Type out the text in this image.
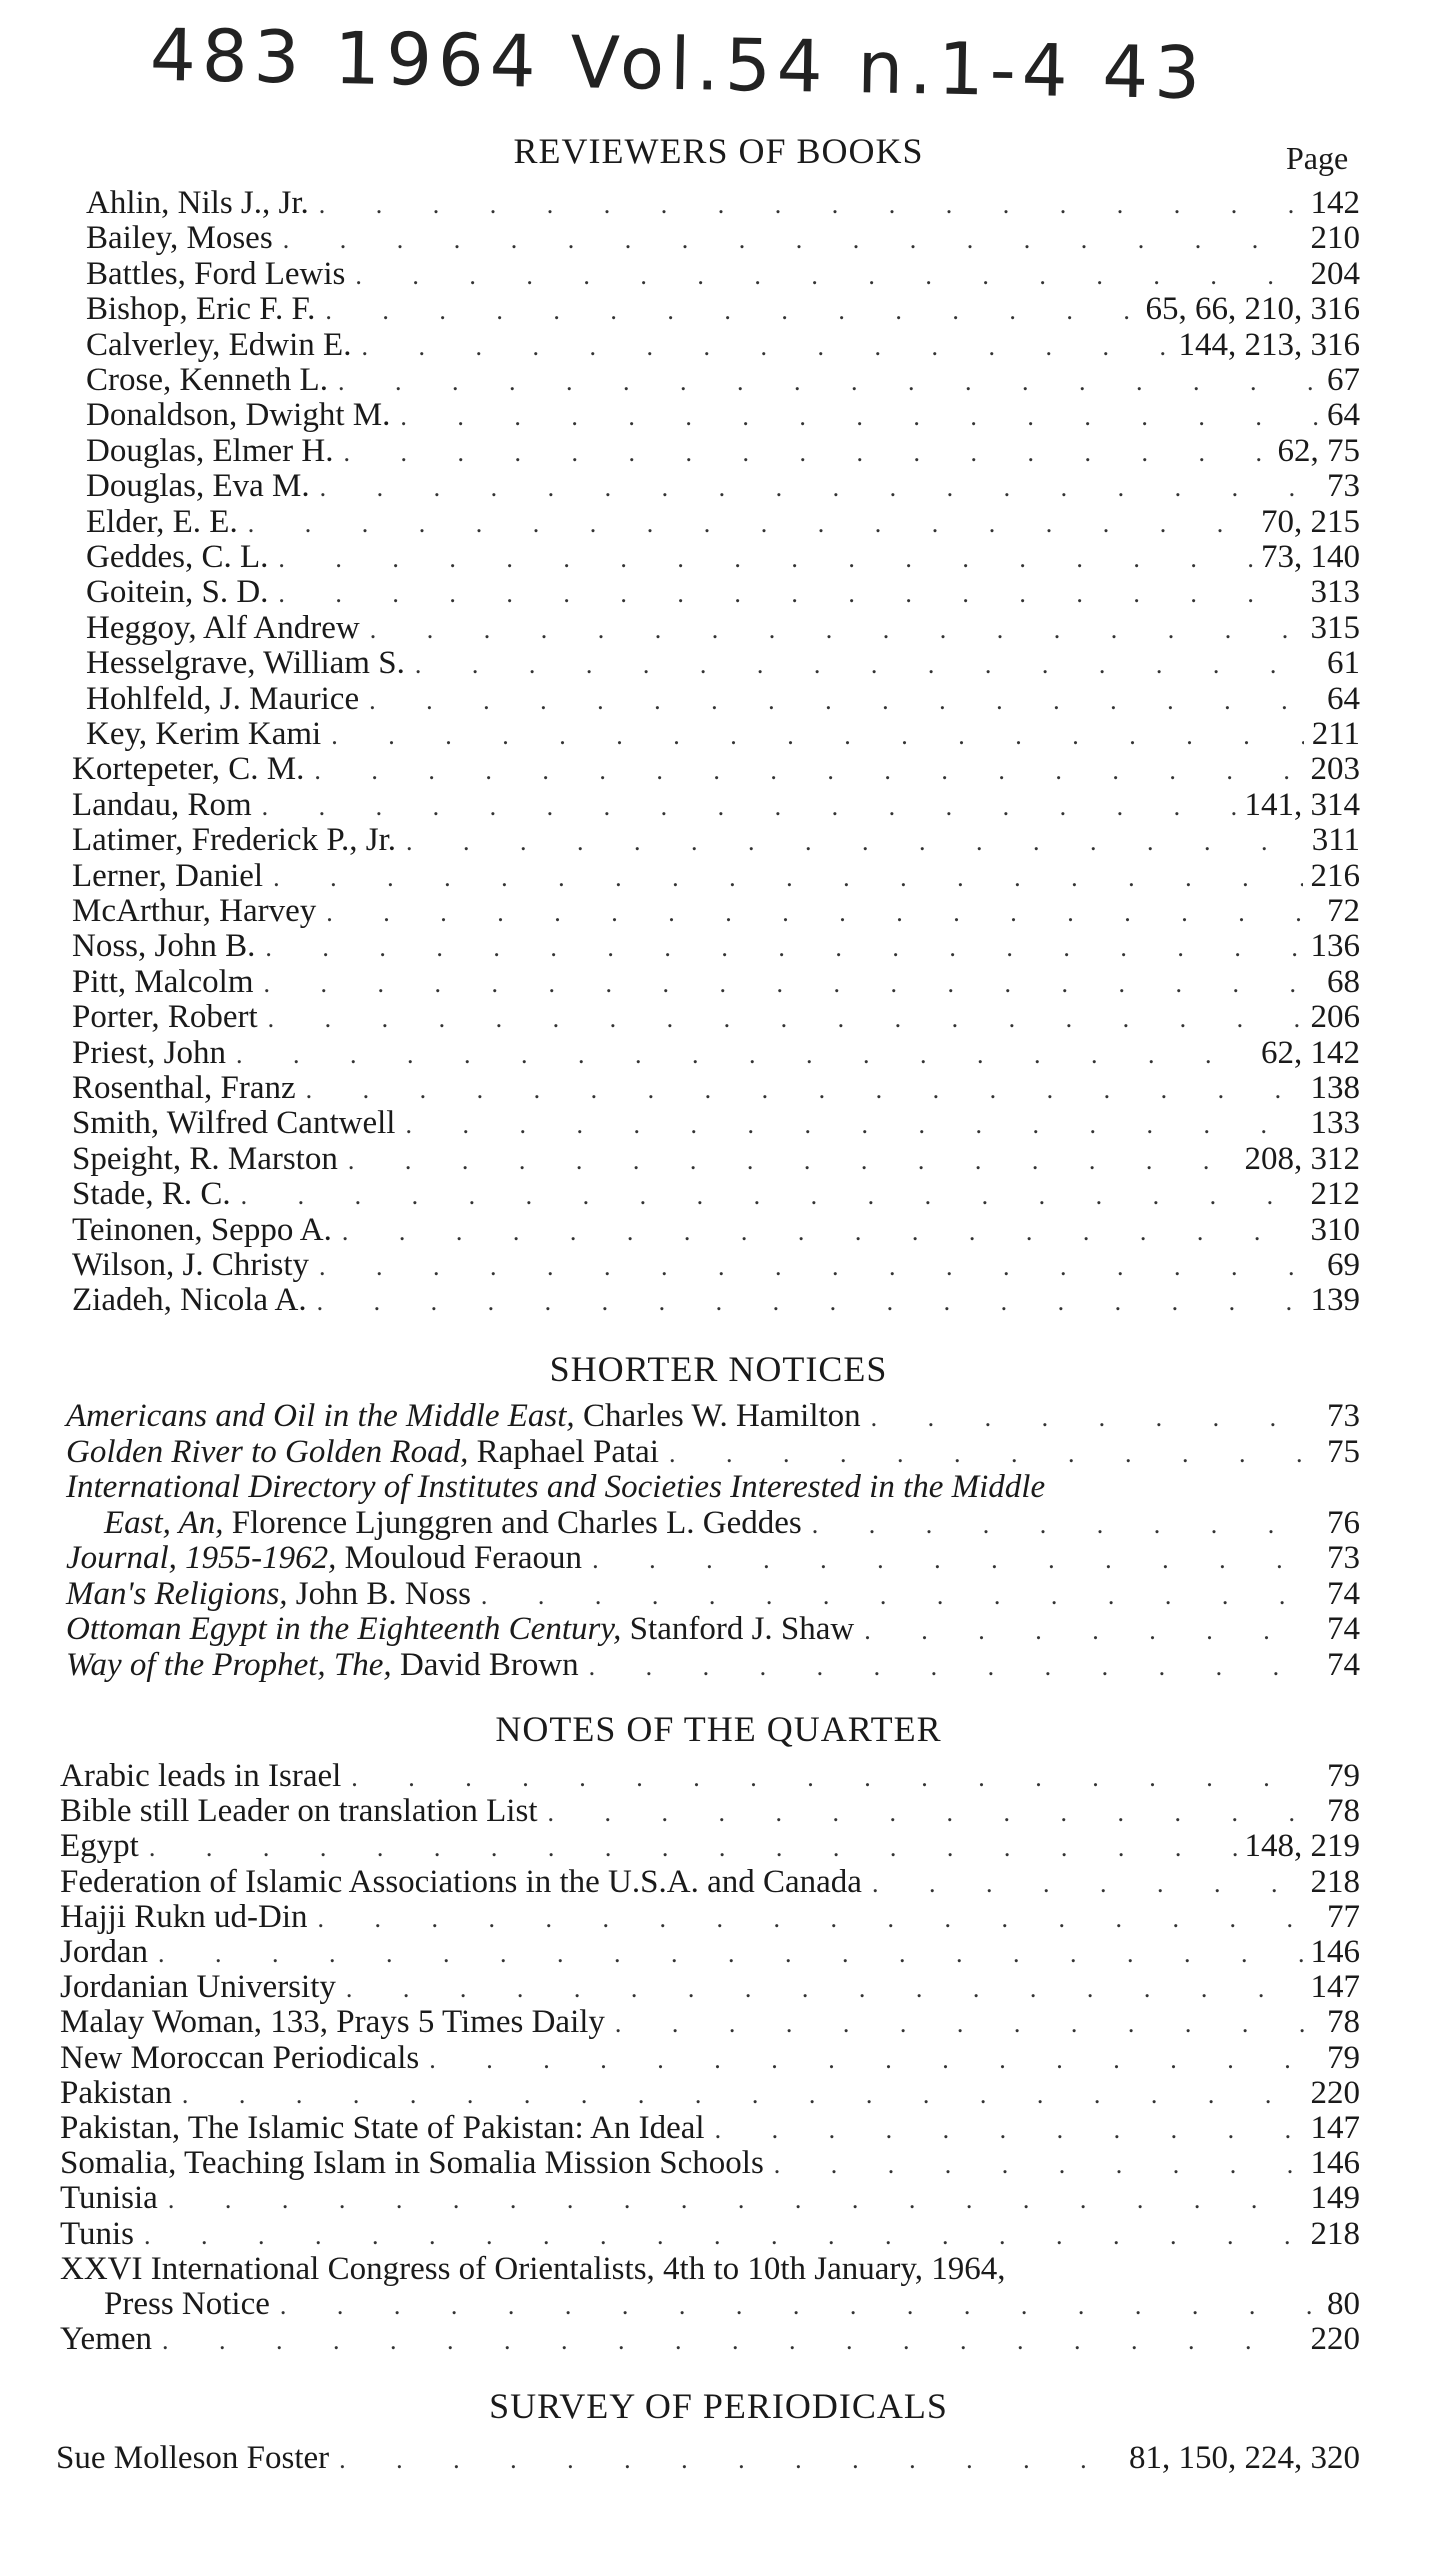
483 1964 Vol.54 n.1-4 43
REVIEWERS OF BOOKS	Page
Ahlin, Nils J., Jr. . . .	142
Bailey, Moses . . .	210
Battles, Ford Lewis . . .	204
Bishop, Eric F. F. . . .	65, 66, 210, 316
Calverley, Edwin E. . . .	144, 213, 316
Crose, Kenneth L. . . .	67
Donaldson, Dwight M. . . .	64
Douglas, Elmer H. . . .	62, 75
Douglas, Eva M. . . .	73
Elder, E. E. . . .	70, 215
Geddes, C. L. . . .	73, 140
Goitein, S. D. . . .	313
Heggoy, Alf Andrew . . .	315
Hesselgrave, William S. . . .	61
Hohlfeld, J. Maurice . . .	64
Key, Kerim Kami . . .	211
Kortepeter, C. M. . . .	203
Landau, Rom . . .	141, 314
Latimer, Frederick P., Jr. . . .	311
Lerner, Daniel . . .	216
McArthur, Harvey . . .	72
Noss, John B. . . .	136
Pitt, Malcolm . . .	68
Porter, Robert . . .	206
Priest, John . . .	62, 142
Rosenthal, Franz . . .	138
Smith, Wilfred Cantwell . . .	133
Speight, R. Marston . . .	208, 312
Stade, R. C. . . .	212
Teinonen, Seppo A. . . .	310
Wilson, J. Christy . . .	69
Ziadeh, Nicola A. . . .	139
SHORTER NOTICES
Americans and Oil in the Middle East, Charles W. Hamilton . . .	73
Golden River to Golden Road, Raphael Patai . . .	75
International Directory of Institutes and Societies Interested in the Middle
East, An, Florence Ljunggren and Charles L. Geddes . . .	76
Journal, 1955-1962, Mouloud Feraoun . . .	73
Man's Religions, John B. Noss . . .	74
Ottoman Egypt in the Eighteenth Century, Stanford J. Shaw . . .	74
Way of the Prophet, The, David Brown . . .	74
NOTES OF THE QUARTER
Arabic leads in Israel . . .	79
Bible still Leader on translation List . . .	78
Egypt . . .	148, 219
Federation of Islamic Associations in the U.S.A. and Canada . . .	218
Hajji Rukn ud-Din . . .	77
Jordan . . .	146
Jordanian University . . .	147
Malay Woman, 133, Prays 5 Times Daily . . .	78
New Moroccan Periodicals . . .	79
Pakistan . . .	220
Pakistan, The Islamic State of Pakistan: An Ideal . . .	147
Somalia, Teaching Islam in Somalia Mission Schools . . .	146
Tunisia . . .	149
Tunis . . .	218
XXVI International Congress of Orientalists, 4th to 10th January, 1964,
Press Notice . . .	80
Yemen . . .	220
SURVEY OF PERIODICALS
Sue Molleson Foster . . .	81, 150, 224, 320
